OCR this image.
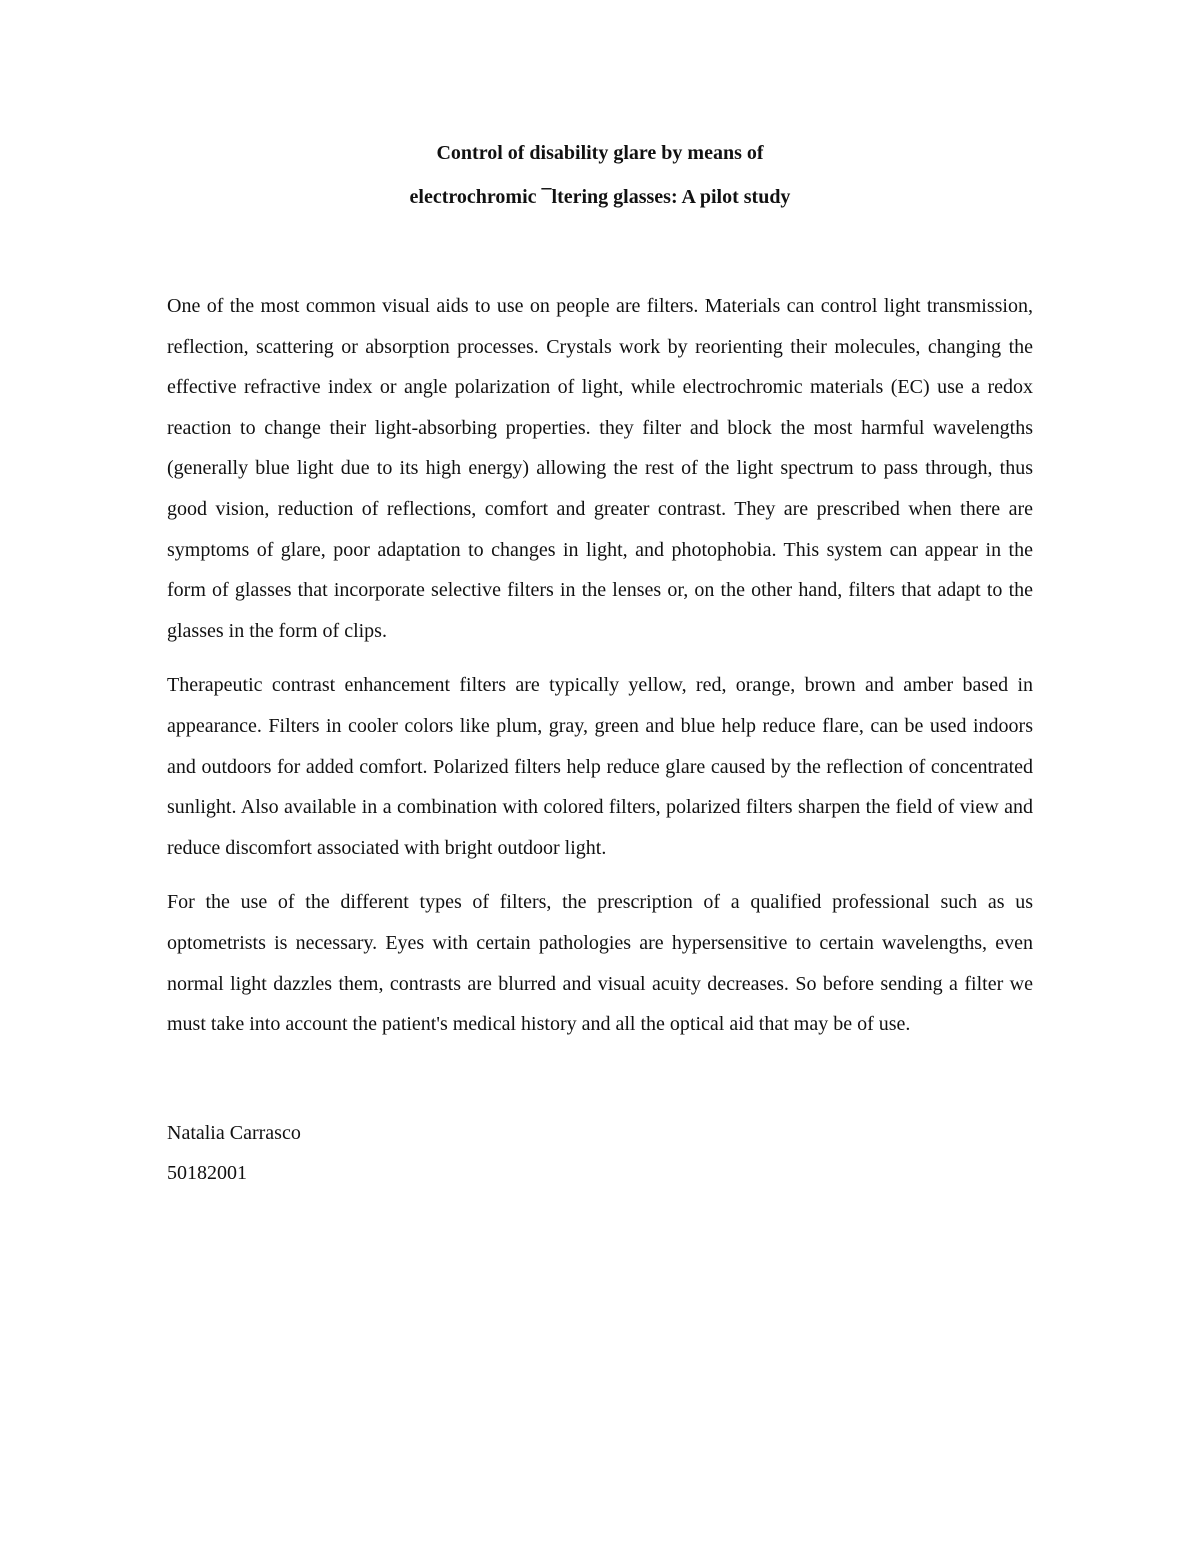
Control of disability glare by means of
electrochromic ¯ltering glasses: A pilot study

One of the most common visual aids to use on people are filters. Materials can control light transmission, reflection, scattering or absorption processes. Crystals work by reorienting their molecules, changing the effective refractive index or angle polarization of light, while electrochromic materials (EC) use a redox reaction to change their light-absorbing properties. they filter and block the most harmful wavelengths (generally blue light due to its high energy) allowing the rest of the light spectrum to pass through, thus good vision, reduction of reflections, comfort and greater contrast. They are prescribed when there are symptoms of glare, poor adaptation to changes in light, and photophobia. This system can appear in the form of glasses that incorporate selective filters in the lenses or, on the other hand, filters that adapt to the glasses in the form of clips.

Therapeutic contrast enhancement filters are typically yellow, red, orange, brown and amber based in appearance. Filters in cooler colors like plum, gray, green and blue help reduce flare, can be used indoors and outdoors for added comfort. Polarized filters help reduce glare caused by the reflection of concentrated sunlight. Also available in a combination with colored filters, polarized filters sharpen the field of view and reduce discomfort associated with bright outdoor light.

For the use of the different types of filters, the prescription of a qualified professional such as us optometrists is necessary. Eyes with certain pathologies are hypersensitive to certain wavelengths, even normal light dazzles them, contrasts are blurred and visual acuity decreases. So before sending a filter we must take into account the patient's medical history and all the optical aid that may be of use.

Natalia Carrasco
50182001
